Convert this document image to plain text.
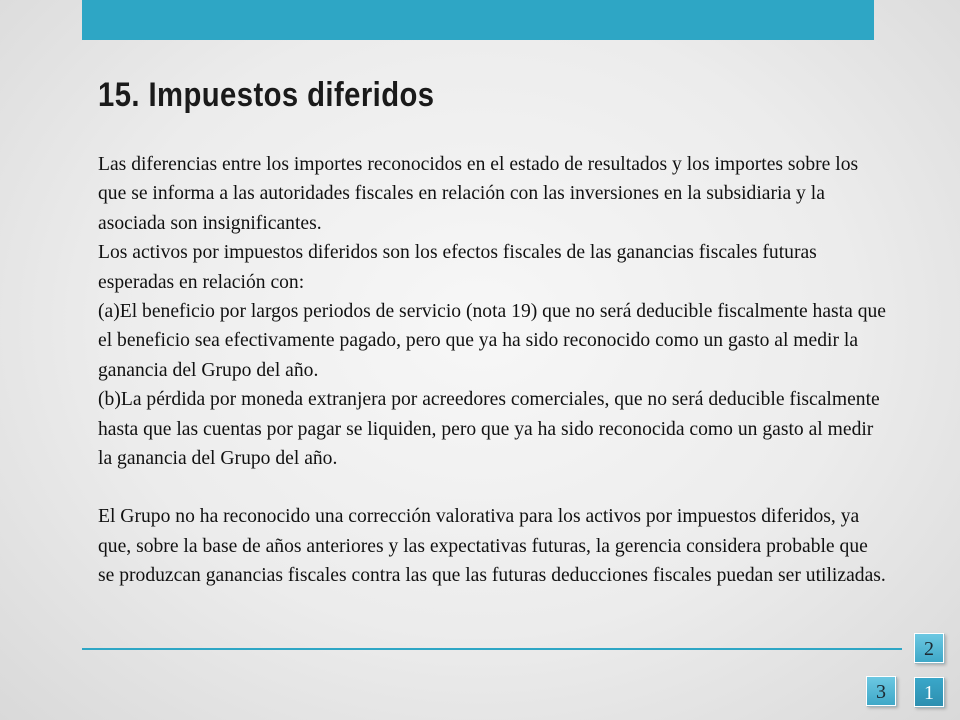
15. Impuestos diferidos

Las diferencias entre los importes reconocidos en el estado de resultados y los importes sobre los que se informa a las autoridades fiscales en relación con las inversiones en la subsidiaria y la asociada son insignificantes.

Los activos por impuestos diferidos son los efectos fiscales de las ganancias fiscales futuras esperadas en relación con:

(a)El beneficio por largos periodos de servicio (nota 19) que no será deducible fiscalmente hasta que el beneficio sea efectivamente pagado, pero que ya ha sido reconocido como un gasto al medir la ganancia del Grupo del año.

(b)La pérdida por moneda extranjera por acreedores comerciales, que no será deducible fiscalmente hasta que las cuentas por pagar se liquiden, pero que ya ha sido reconocida como un gasto al medir la ganancia del Grupo del año.

El Grupo no ha reconocido una corrección valorativa para los activos por impuestos diferidos, ya que, sobre la base de años anteriores y las expectativas futuras, la gerencia considera probable que se produzcan ganancias fiscales contra las que las futuras deducciones fiscales puedan ser utilizadas.

2
3	1
